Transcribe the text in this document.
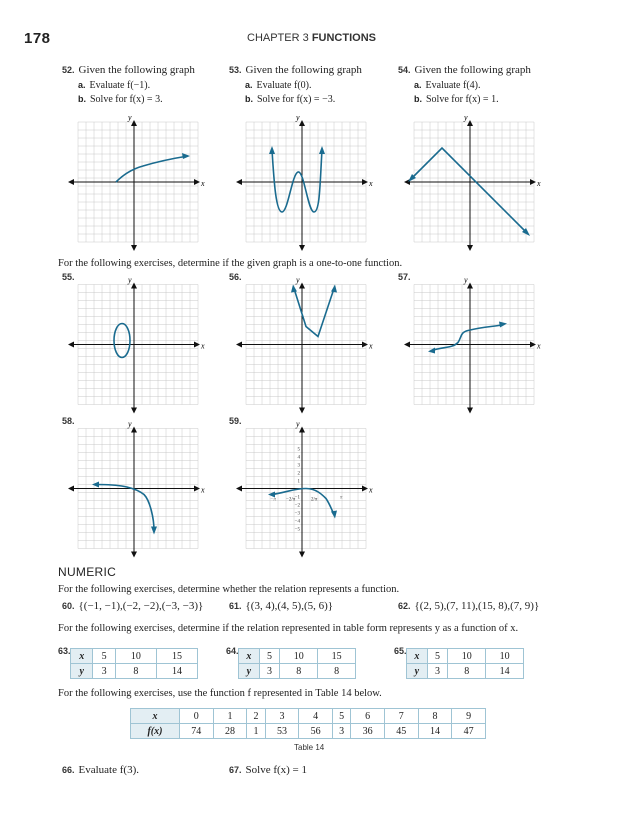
178	CHAPTER 3 FUNCTIONS
52. Given the following graph
a. Evaluate f(−1).
b. Solve for f(x) = 3.
53. Given the following graph
a. Evaluate f(0).
b. Solve for f(x) = −3.
54. Given the following graph
a. Evaluate f(4).
b. Solve for f(x) = 1.
x
y
x
y
x
y
For the following exercises, determine if the given graph is a one-to-one function.
55.
x
y	56.
x
y	57.
x
y
58.
x
y	59.
5
4
3
2
1
−1
−2
−3
−4
−5
−π −2/π	2/π	π
x
y
NUMERIC
For the following exercises, determine whether the relation represents a function.
60. {(−1, −1),(−2, −2),(−3, −3)}	61. {(3, 4),(4, 5),(5, 6)}	62. {(2, 5),(7, 11),(15, 8),(7, 9)}
For the following exercises, determine if the relation represented in table form represents y as a function of x.
63. x	5	10	15
y	3	8	14
64. x	5	10	15
y	3	8	8
65. x	5	10	10
y	3	8	14
For the following exercises, use the function f represented in Table 14 below.
x	0	1	2	3	4	5	6	7	8	9
f(x)	74	28	1	53	56	3	36	45	14	47
Table 14
66. Evaluate f(3).	67. Solve f(x) = 1
